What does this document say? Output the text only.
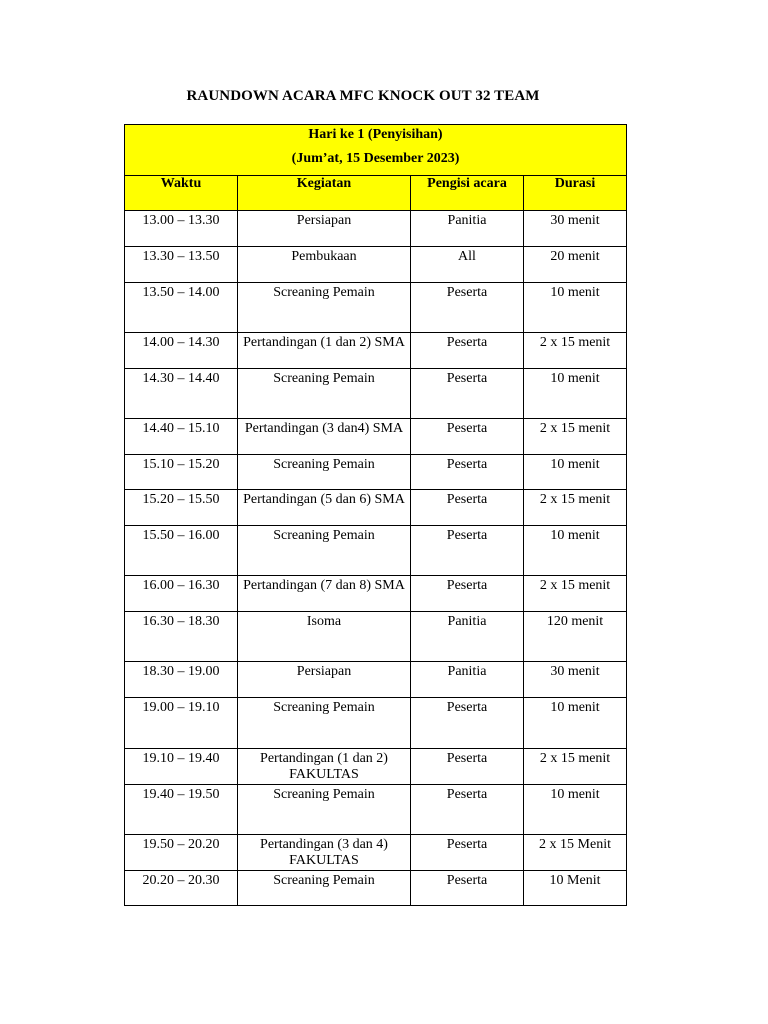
RAUNDOWN ACARA MFC KNOCK OUT 32 TEAM
Hari ke 1 (Penyisihan)
(Jum’at, 15 Desember 2023)			

Waktu	Kegiatan	Pengisi acara	Durasi

13.00 – 13.30	Persiapan	Panitia	30 menit

13.30 – 13.50	Pembukaan	All	20 menit

13.50 – 14.00	Screaning Pemain	Peserta	10 menit

14.00 – 14.30	Pertandingan (1 dan 2) SMA	Peserta	2 x 15 menit

14.30 – 14.40	Screaning Pemain	Peserta	10 menit

14.40 – 15.10	Pertandingan (3 dan4) SMA	Peserta	2 x 15 menit

15.10 – 15.20	Screaning Pemain	Peserta	10 menit

15.20 – 15.50	Pertandingan (5 dan 6) SMA	Peserta	2 x 15 menit

15.50 – 16.00	Screaning Pemain	Peserta	10 menit

16.00 – 16.30	Pertandingan (7 dan 8) SMA	Peserta	2 x 15 menit

16.30 – 18.30	Isoma	Panitia	120 menit

18.30 – 19.00	Persiapan	Panitia	30 menit

19.00 – 19.10	Screaning Pemain	Peserta	10 menit

19.10 – 19.40	Pertandingan (1 dan 2) FAKULTAS	Peserta	2 x 15 menit

19.40 – 19.50	Screaning Pemain	Peserta	10 menit

19.50 – 20.20	Pertandingan (3 dan 4) FAKULTAS	Peserta	2 x 15 Menit

20.20 – 20.30	Screaning Pemain	Peserta	10 Menit
